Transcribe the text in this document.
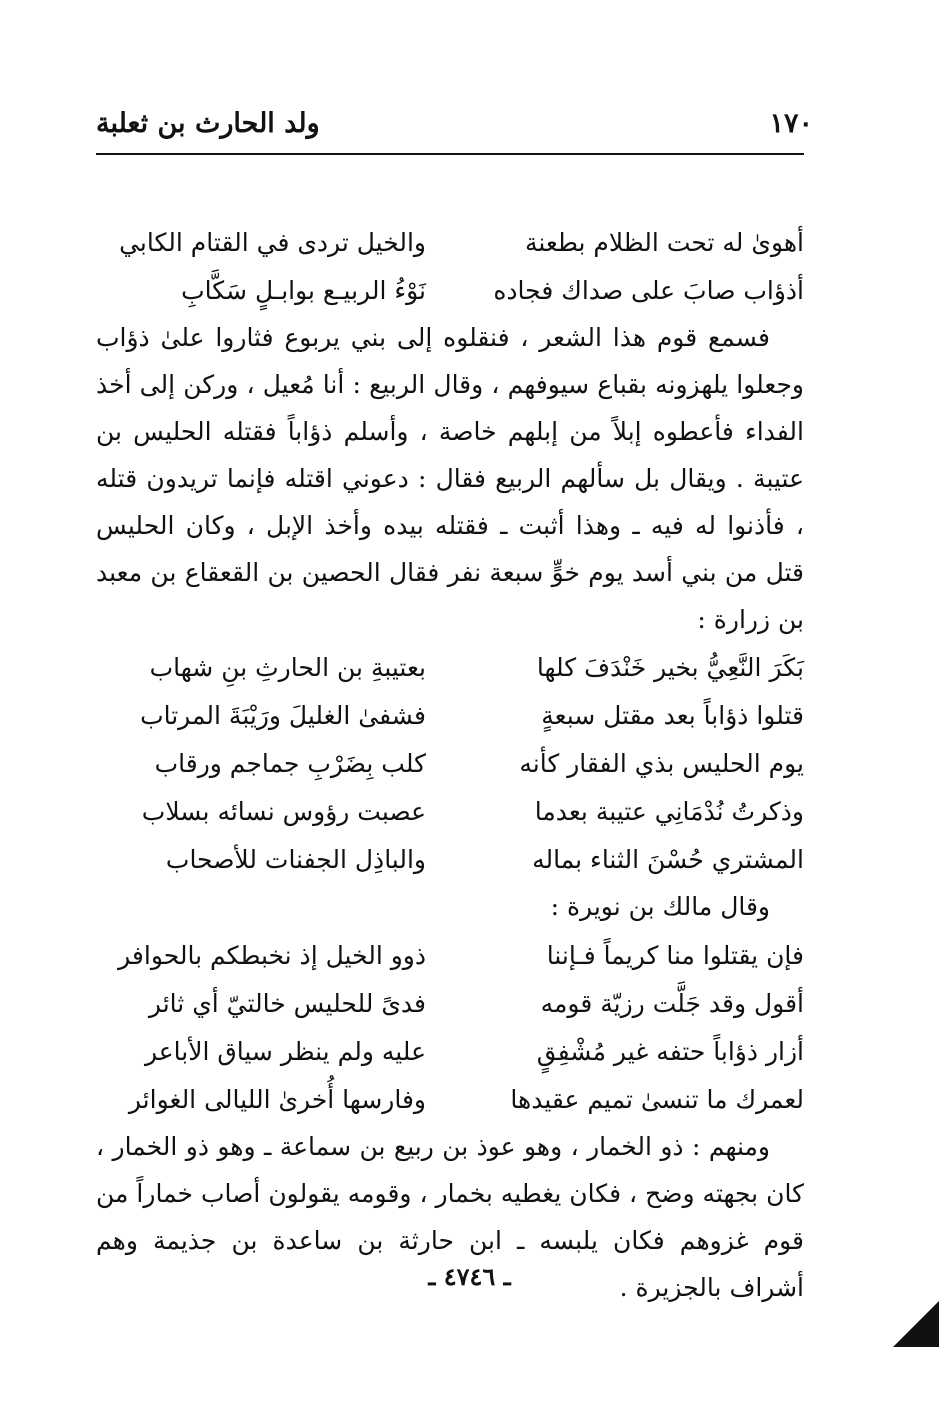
ولد الحارث بن ثعلبة	١٧٠
أهوىٰ له تحت الظلام بطعنة
والخيل تردى في القتام الكابي
أذؤاب صابَ على صداك فجاده
نَوْءُ الربيـع بوابـلٍ سَكَّابِ

فسمع قوم هذا الشعر ، فنقلوه إلى بني يربوع فثاروا علىٰ ذؤاب وجعلوا يلهزونه بقباع سيوفهم ، وقال الربيع : أنا مُعيل ، وركن إلى أخذ الفداء فأعطوه إبلاً من إبلهم خاصة ، وأسلم ذؤاباً فقتله الحليس بن عتيبة . ويقال بل سألهم الربيع فقال : دعوني اقتله فإنما تريدون قتله ، فأذنوا له فيه ـ وهذا أثبت ـ فقتله بيده وأخذ الإبل ، وكان الحليس قتل من بني أسد يوم خوٍّ سبعة نفر فقال الحصين بن القعقاع بن معبد بن زرارة :

بَكَرَ النَّعِيُّ بخير خَنْدَفَ كلها
بعتيبةِ بن الحارثِ بنِ شهاب
قتلوا ذؤاباً بعد مقتل سبعةٍ
فشفىٰ الغليلَ ورَيْبَةَ المرتاب
يوم الحليس بذي الفقار كأنه
كلب بِضَرْبِ جماجم ورقاب
وذكرتُ نُدْمَانِي عتيبة بعدما
عصبت رؤوس نسائه بسلاب
المشتري حُسْنَ الثناء بماله
والباذِل الجفنات للأصحاب

وقال مالك بن نويرة :

فإن يقتلوا منا كريماً فـإننا
ذوو الخيل إذ نخبطكم بالحوافر
أقول وقد جَلَّت رزيّة قومه
فدىً للحليس خالتيّ أي ثائر
أزار ذؤاباً حتفه غير مُشْفِقٍ
عليه ولم ينظر سياق الأباعر
لعمرك ما تنسىٰ تميم عقيدها
وفارسها أُخرىٰ الليالى الغوائر

ومنهم : ذو الخمار ، وهو عوذ بن ربيع بن سماعة ـ وهو ذو الخمار ، كان بجهته وضح ، فكان يغطيه بخمار ، وقومه يقولون أصاب خماراً من قوم غزوهم فكان يلبسه ـ ابن حارثة بن ساعدة بن جذيمة وهم أشراف بالجزيرة .

ـ ٤٧٤٦ ـ
